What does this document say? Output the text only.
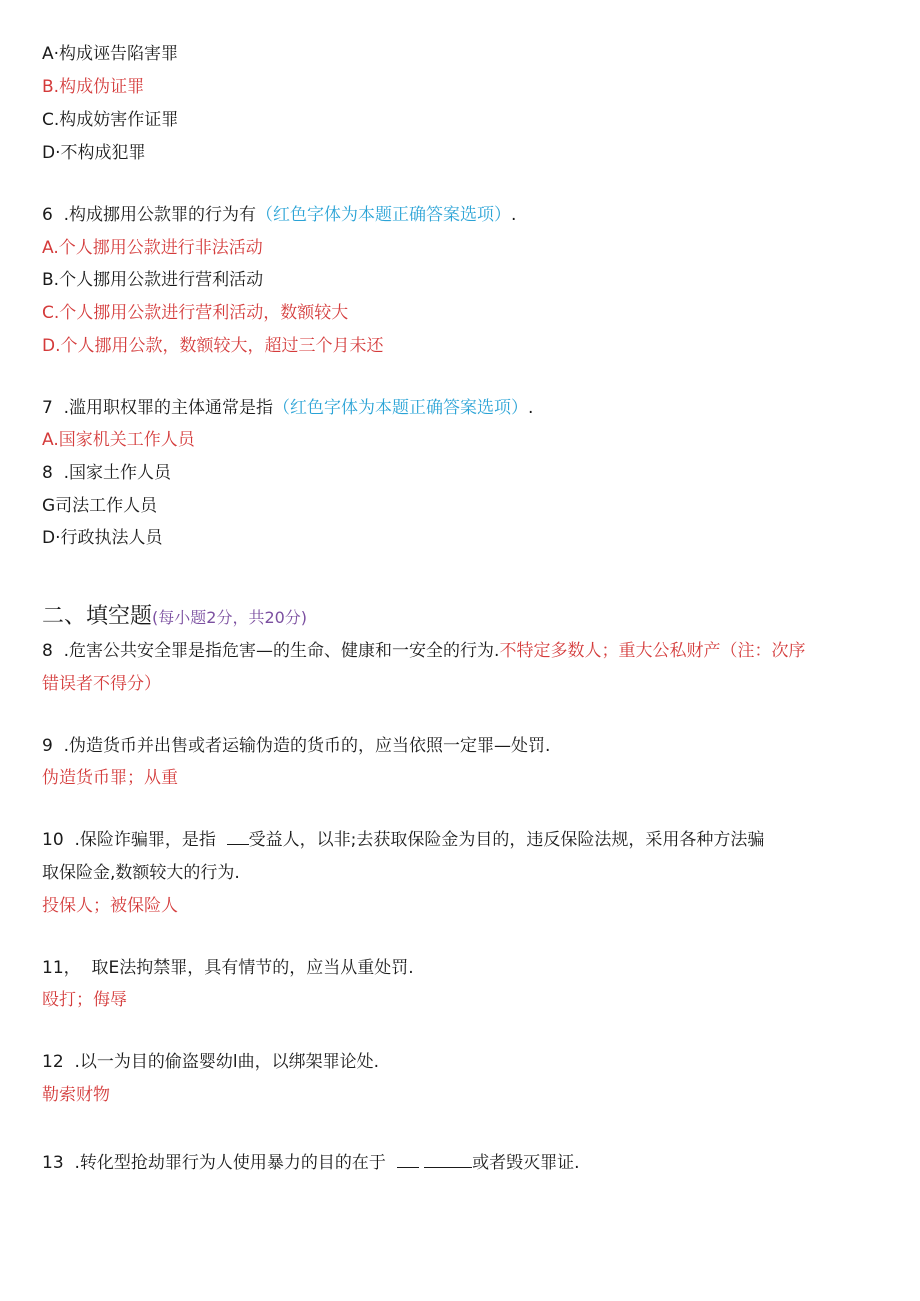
A·构成诬告陷害罪
B.构成伪证罪
C.构成妨害作证罪
D·不构成犯罪
6 .构成挪用公款罪的行为有（红色字体为本题正确答案选项）.
A.个人挪用公款进行非法活动
B.个人挪用公款进行营利活动
C.个人挪用公款进行营利活动，数额较大
D.个人挪用公款，数额较大，超过三个月未还
7 .滥用职权罪的主体通常是指（红色字体为本题正确答案选项）.
A.国家机关工作人员
8 .国家土作人员
G司法工作人员
D·行政执法人员
二、填空题(每小题2分，共20分)
8 .危害公共安全罪是指危害—的生命、健康和一安全的行为.不特定多数人；重大公私财产（注：次序
错误者不得分）
9 .伪造货币并出售或者运输伪造的货币的，应当依照一定罪—处罚.
伪造货币罪；从重
10 .保险诈骗罪，是指 受益人，以非;去获取保险金为目的，违反保险法规，采用各种方法骗
取保险金,数额较大的行为.
投保人；被保险人
11， 取E法拘禁罪，具有情节的，应当从重处罚.
殴打；侮辱
12 .以一为目的偷盗婴幼l曲，以绑架罪论处.
勒索财物
13 .转化型抢劫罪行为人使用暴力的目的在于	或者毁灭罪证.
